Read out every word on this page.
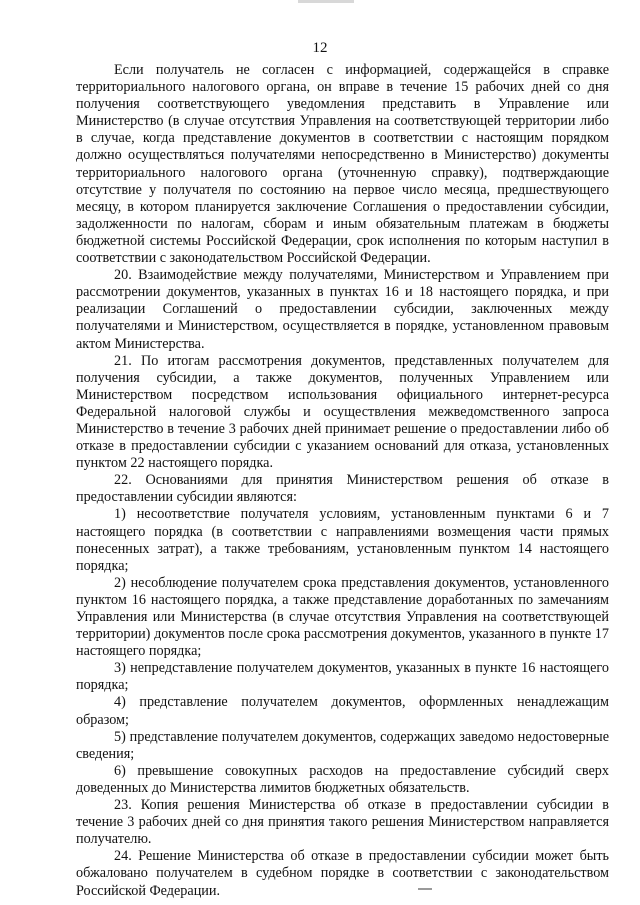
12

Если получатель не согласен с информацией, содержащейся в справке территориального налогового органа, он вправе в течение 15 рабочих дней со дня получения соответствующего уведомления представить в Управление или Министерство (в случае отсутствия Управления на соответствующей территории либо в случае, когда представление документов в соответствии с настоящим порядком должно осуществляться получателями непосредственно в Министерство) документы территориального налогового органа (уточненную справку), подтверждающие отсутствие у получателя по состоянию на первое число месяца, предшествующего месяцу, в котором планируется заключение Соглашения о предоставлении субсидии, задолженности по налогам, сборам и иным обязательным платежам в бюджеты бюджетной системы Российской Федерации, срок исполнения по которым наступил в соответствии с законодательством Российской Федерации.

20. Взаимодействие между получателями, Министерством и Управлением при рассмотрении документов, указанных в пунктах 16 и 18 настоящего порядка, и при реализации Соглашений о предоставлении субсидии, заключенных между получателями и Министерством, осуществляется в порядке, установленном правовым актом Министерства.

21. По итогам рассмотрения документов, представленных получателем для получения субсидии, а также документов, полученных Управлением или Министерством посредством использования официального интернет-ресурса Федеральной налоговой службы и осуществления межведомственного запроса Министерство в течение 3 рабочих дней принимает решение о предоставлении либо об отказе в предоставлении субсидии с указанием оснований для отказа, установленных пунктом 22 настоящего порядка.

22. Основаниями для принятия Министерством решения об отказе в предоставлении субсидии являются:

1) несоответствие получателя условиям, установленным пунктами 6 и 7 настоящего порядка (в соответствии с направлениями возмещения части прямых понесенных затрат), а также требованиям, установленным пунктом 14 настоящего порядка;

2) несоблюдение получателем срока представления документов, установленного пунктом 16 настоящего порядка, а также представление доработанных по замечаниям Управления или Министерства (в случае отсутствия Управления на соответствующей территории) документов после срока рассмотрения документов, указанного в пункте 17 настоящего порядка;

3) непредставление получателем документов, указанных в пункте 16 настоящего порядка;

4) представление получателем документов, оформленных ненадлежащим образом;

5) представление получателем документов, содержащих заведомо недостоверные сведения;

6) превышение совокупных расходов на предоставление субсидий сверх доведенных до Министерства лимитов бюджетных обязательств.

23. Копия решения Министерства об отказе в предоставлении субсидии в течение 3 рабочих дней со дня принятия такого решения Министерством направляется получателю.

24. Решение Министерства об отказе в предоставлении субсидии может быть обжаловано получателем в судебном порядке в соответствии с законодательством Российской Федерации.
